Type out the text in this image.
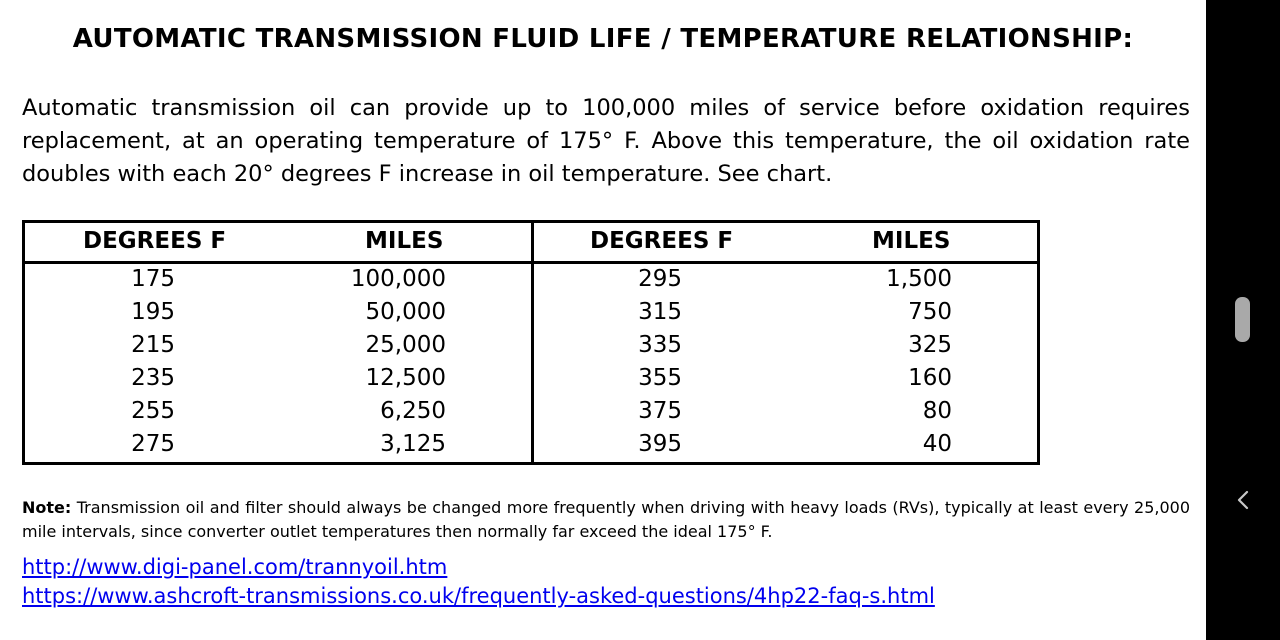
AUTOMATIC TRANSMISSION FLUID LIFE / TEMPERATURE RELATIONSHIP:
Automatic transmission oil can provide up to 100,000 miles of service before oxidation requires replacement, at an operating temperature of 175° F. Above this temperature, the oil oxidation rate doubles with each 20° degrees F increase in oil temperature. See chart.
DEGREES F	MILES
175	100,000
195	50,000
215	25,000
235	12,500
255	6,250
275	3,125
DEGREES F	MILES
295	1,500
315	750
335	325
355	160
375	80
395	40
Note: Transmission oil and filter should always be changed more frequently when driving with heavy loads (RVs), typically at least every 25,000 mile intervals, since converter outlet temperatures then normally far exceed the ideal 175° F.
http://www.digi-panel.com/trannyoil.htm
https://www.ashcroft-transmissions.co.uk/frequently-asked-questions/4hp22-faq-s.html
